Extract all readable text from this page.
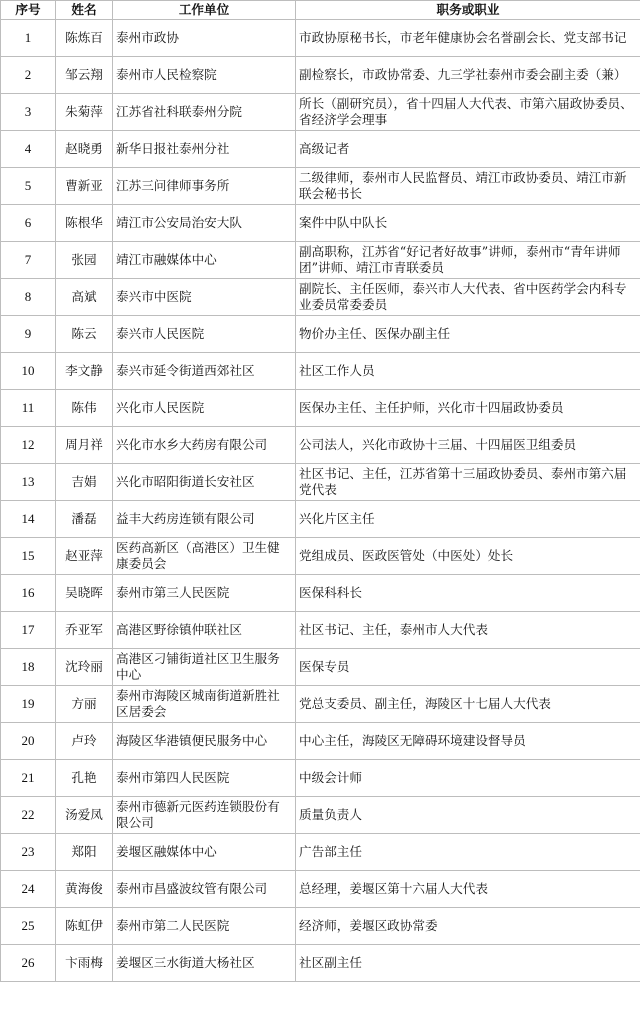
序号	姓名	工作单位	职务或职业
1	陈炼百	泰州市政协	市政协原秘书长，市老年健康协会名誉副会长、党支部书记
2	邹云翔	泰州市人民检察院	副检察长，市政协常委、九三学社泰州市委会副主委（兼）
3	朱菊萍	江苏省社科联泰州分院	所长（副研究员），省十四届人大代表、市第六届政协委员、省经济学会理事
4	赵晓勇	新华日报社泰州分社	高级记者
5	曹新亚	江苏三问律师事务所	二级律师，泰州市人民监督员、靖江市政协委员、靖江市新联会秘书长
6	陈根华	靖江市公安局治安大队	案件中队中队长
7	张园	靖江市融媒体中心	副高职称，江苏省“好记者好故事”讲师，泰州市“青年讲师团”讲师、靖江市青联委员
8	高斌	泰兴市中医院	副院长、主任医师，泰兴市人大代表、省中医药学会内科专业委员常委委员
9	陈云	泰兴市人民医院	物价办主任、医保办副主任
10	李文静	泰兴市延令街道西郊社区	社区工作人员
11	陈伟	兴化市人民医院	医保办主任、主任护师，兴化市十四届政协委员
12	周月祥	兴化市水乡大药房有限公司	公司法人，兴化市政协十三届、十四届医卫组委员
13	吉娟	兴化市昭阳街道长安社区	社区书记、主任，江苏省第十三届政协委员、泰州市第六届党代表
14	潘磊	益丰大药房连锁有限公司	兴化片区主任
15	赵亚萍	医药高新区（高港区）卫生健康委员会	党组成员、医政医管处（中医处）处长
16	吴晓晖	泰州市第三人民医院	医保科科长
17	乔亚军	高港区野徐镇仲联社区	社区书记、主任，泰州市人大代表
18	沈玲丽	高港区刁铺街道社区卫生服务中心	医保专员
19	方丽	泰州市海陵区城南街道新胜社区居委会	党总支委员、副主任，海陵区十七届人大代表
20	卢玲	海陵区华港镇便民服务中心	中心主任，海陵区无障碍环境建设督导员
21	孔艳	泰州市第四人民医院	中级会计师
22	汤爱凤	泰州市德新元医药连锁股份有限公司	质量负责人
23	郑阳	姜堰区融媒体中心	广告部主任
24	黄海俊	泰州市昌盛波纹管有限公司	总经理，姜堰区第十六届人大代表
25	陈虹伊	泰州市第二人民医院	经济师，姜堰区政协常委
26	卞雨梅	姜堰区三水街道大杨社区	社区副主任
